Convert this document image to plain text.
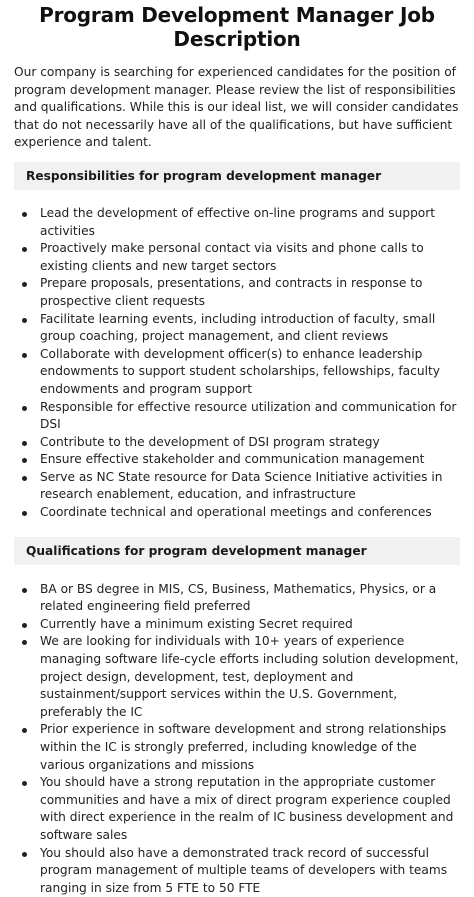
Program Development Manager Job Description

Our company is searching for experienced candidates for the position of program development manager. Please review the list of responsibilities and qualifications. While this is our ideal list, we will consider candidates that do not necessarily have all of the qualifications, but have sufficient experience and talent.

Responsibilities for program development manager
Lead the development of effective on-line programs and support activities
Proactively make personal contact via visits and phone calls to existing clients and new target sectors
Prepare proposals, presentations, and contracts in response to prospective client requests
Facilitate learning events, including introduction of faculty, small group coaching, project management, and client reviews
Collaborate with development officer(s) to enhance leadership endowments to support student scholarships, fellowships, faculty endowments and program support
Responsible for effective resource utilization and communication for DSI
Contribute to the development of DSI program strategy
Ensure effective stakeholder and communication management
Serve as NC State resource for Data Science Initiative activities in research enablement, education, and infrastructure
Coordinate technical and operational meetings and conferences
Qualifications for program development manager
BA or BS degree in MIS, CS, Business, Mathematics, Physics, or a related engineering field preferred
Currently have a minimum existing Secret required
We are looking for individuals with 10+ years of experience managing software life-cycle efforts including solution development, project design, development, test, deployment and sustainment/support services within the U.S. Government, preferably the IC
Prior experience in software development and strong relationships within the IC is strongly preferred, including knowledge of the various organizations and missions
You should have a strong reputation in the appropriate customer communities and have a mix of direct program experience coupled with direct experience in the realm of IC business development and software sales
You should also have a demonstrated track record of successful program management of multiple teams of developers with teams ranging in size from 5 FTE to 50 FTE
